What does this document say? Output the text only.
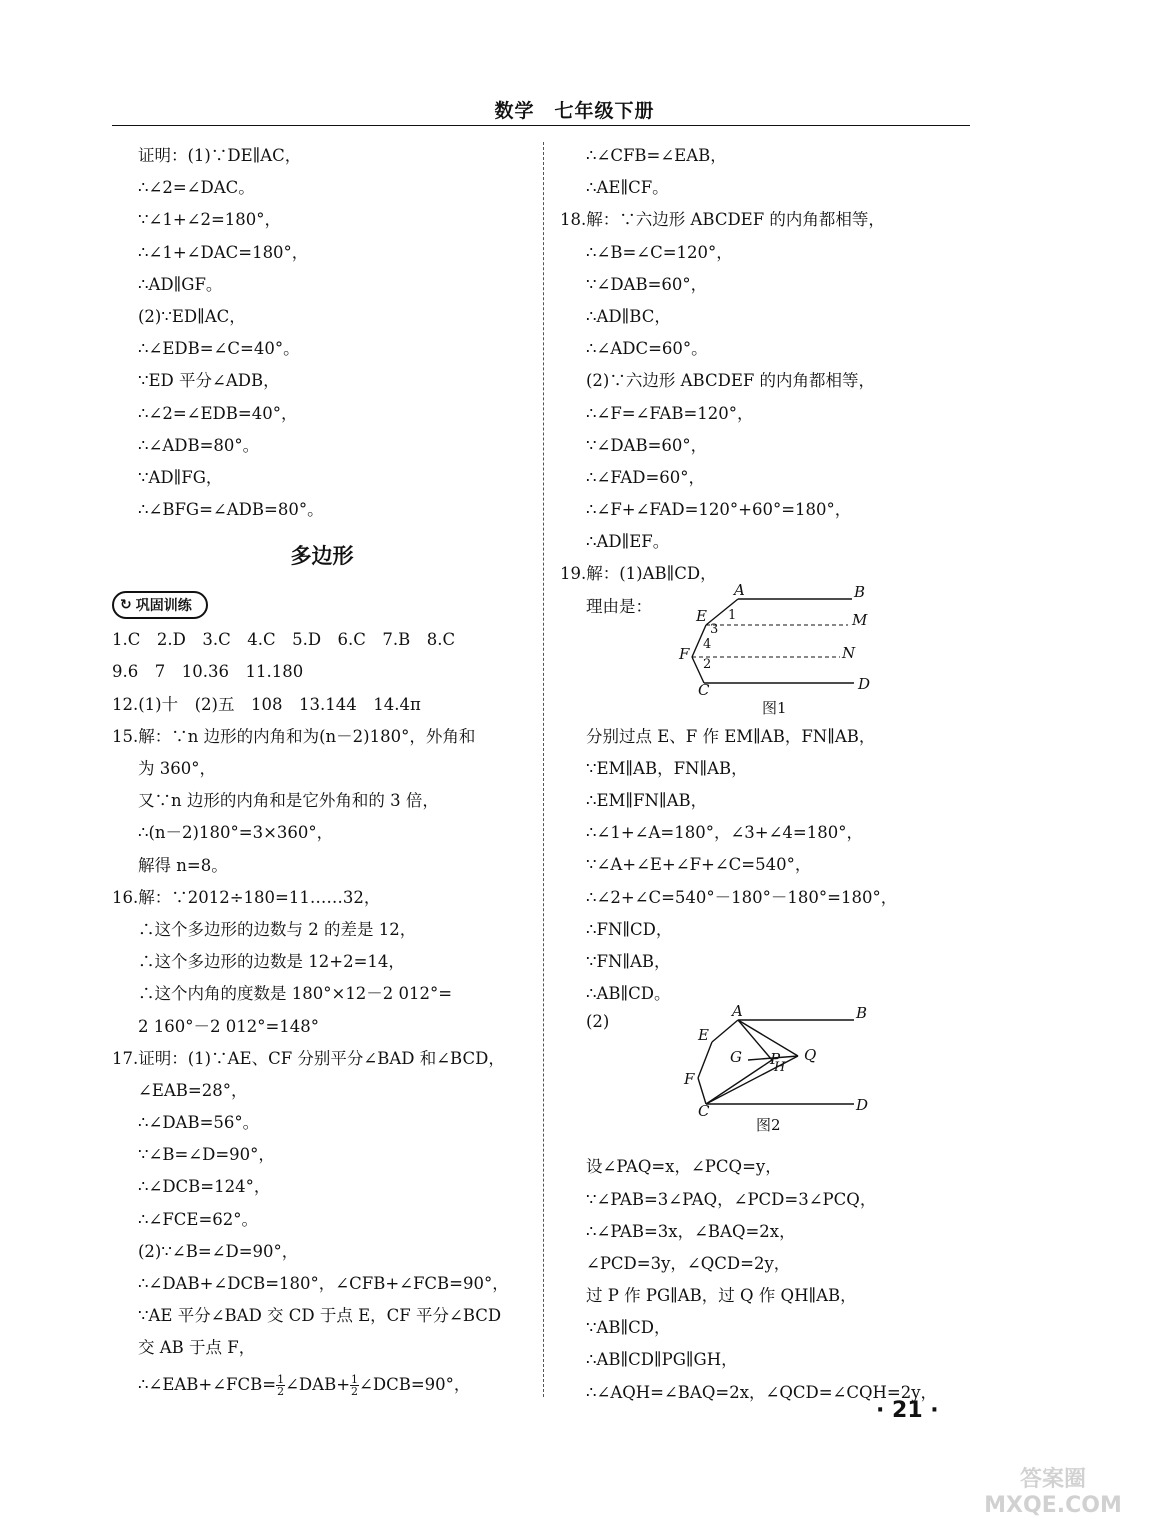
数学　七年级下册
证明：(1)∵DE∥AC，
∴∠2=∠DAC。
∵∠1+∠2=180°，
∴∠1+∠DAC=180°，
∴AD∥GF。
(2)∵ED∥AC，
∴∠EDB=∠C=40°。
∵ED 平分∠ADB，
∴∠2=∠EDB=40°，
∴∠ADB=80°。
∵AD∥FG，
∴∠BFG=∠ADB=80°。
多边形
↻ 巩固训练
1.C　2.D　3.C　4.C　5.D　6.C　7.B　8.C
9.6　7　10.36　11.180
12.(1)十　(2)五　108　13.144　14.4π
15.解：∵n 边形的内角和为(n－2)180°，外角和
为 360°，
又∵n 边形的内角和是它外角和的 3 倍，
∴(n－2)180°=3×360°，
解得 n=8。
16.解：∵2012÷180=11……32，
∴这个多边形的边数与 2 的差是 12，
∴这个多边形的边数是 12+2=14，
∴这个内角的度数是 180°×12－2 012°=
2 160°－2 012°=148°
17.证明：(1)∵AE、CF 分别平分∠BAD 和∠BCD，
∠EAB=28°，
∴∠DAB=56°。
∵∠B=∠D=90°，
∴∠DCB=124°，
∴∠FCE=62°。
(2)∵∠B=∠D=90°，
∴∠DAB+∠DCB=180°，∠CFB+∠FCB=90°，
∵AE 平分∠BAD 交 CD 于点 E，CF 平分∠BCD
交 AB 于点 F，
∴∠EAB+∠FCB= $\frac{1}{2}$ ∠DAB+ $\frac{1}{2}$ ∠DCB=90°，
∴∠CFB=∠EAB，
∴AE∥CF。
18.解：∵六边形 ABCDEF 的内角都相等，
∴∠B=∠C=120°，
∵∠DAB=60°，
∴AD∥BC，
∴∠ADC=60°。
(2)∵六边形 ABCDEF 的内角都相等，
∴∠F=∠FAB=120°，
∵∠DAB=60°，
∴∠FAD=60°，
∴∠F+∠FAD=120°+60°=180°，
∴AD∥EF。
19.解：(1)AB∥CD，
理由是：
A	B
E 1
3
M
4
F
2
N
C	D
图1
分别过点 E、F 作 EM∥AB，FN∥AB，
∵EM∥AB，FN∥AB，
∴EM∥FN∥AB，
∴∠1+∠A=180°，∠3+∠4=180°，
∵∠A+∠E+∠F+∠C=540°，
∴∠2+∠C=540°－180°－180°=180°，
∴FN∥CD，
∵FN∥AB，
∴AB∥CD。
(2)
A	B
E
G P
H
Q
F
C	D
图2
设∠PAQ=x，∠PCQ=y，
∵∠PAB=3∠PAQ，∠PCD=3∠PCQ，
∴∠PAB=3x，∠BAQ=2x，
∠PCD=3y，∠QCD=2y，
过 P 作 PG∥AB，过 Q 作 QH∥AB，
∵AB∥CD，
∴AB∥CD∥PG∥GH，
∴∠AQH=∠BAQ=2x，∠QCD=∠CQH=2y，
· 21 ·
答案圈
MXQE.COM
